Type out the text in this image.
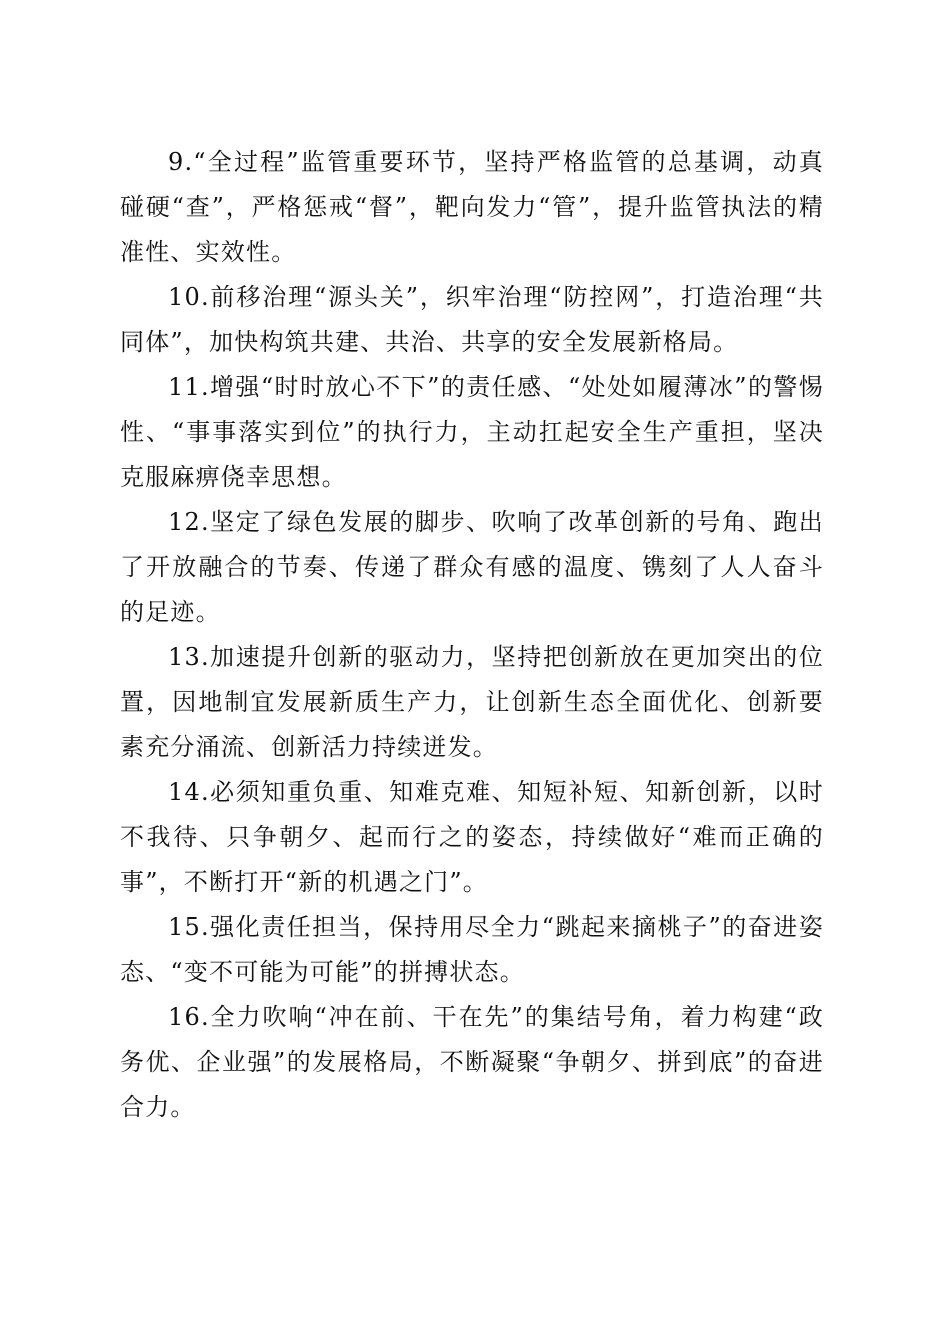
9.“全过程”监管重要环节，坚持严格监管的总基调，动真碰硬“查”，严格惩戒“督”，靶向发力“管”，提升监管执法的精准性、实效性。

10.前移治理“源头关”，织牢治理“防控网”，打造治理“共同体”，加快构筑共建、共治、共享的安全发展新格局。

11.增强“时时放心不下”的责任感、“处处如履薄冰”的警惕性、“事事落实到位”的执行力，主动扛起安全生产重担，坚决克服麻痹侥幸思想。

12.坚定了绿色发展的脚步、吹响了改革创新的号角、跑出了开放融合的节奏、传递了群众有感的温度、镌刻了人人奋斗的足迹。

13.加速提升创新的驱动力，坚持把创新放在更加突出的位置，因地制宜发展新质生产力，让创新生态全面优化、创新要素充分涌流、创新活力持续迸发。

14.必须知重负重、知难克难、知短补短、知新创新，以时不我待、只争朝夕、起而行之的姿态，持续做好“难而正确的事”，不断打开“新的机遇之门”。

15.强化责任担当，保持用尽全力“跳起来摘桃子”的奋进姿态、“变不可能为可能”的拼搏状态。

16.全力吹响“冲在前、干在先”的集结号角，着力构建“政务优、企业强”的发展格局，不断凝聚“争朝夕、拼到底”的奋进合力。
